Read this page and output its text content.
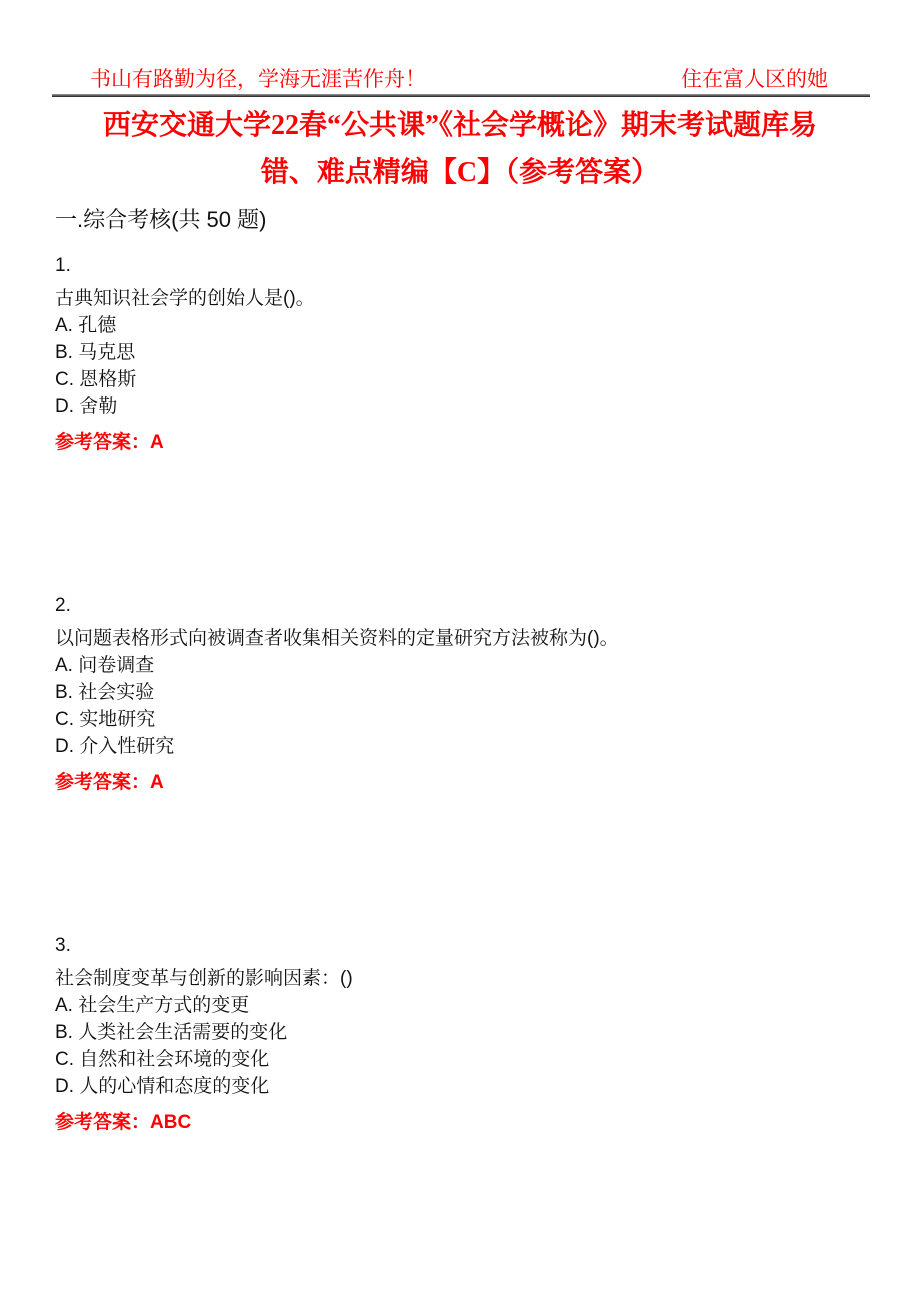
书山有路勤为径，学海无涯苦作舟！	住在富人区的她
西安交通大学22春“公共课”《社会学概论》期末考试题库易
错、难点精编【C】（参考答案）
一.综合考核(共 50 题)
1.
古典知识社会学的创始人是()。
A. 孔德
B. 马克思
C. 恩格斯
D. 舍勒
参考答案：A
2.
以问题表格形式向被调查者收集相关资料的定量研究方法被称为()。
A. 问卷调查
B. 社会实验
C. 实地研究
D. 介入性研究
参考答案：A
3.
社会制度变革与创新的影响因素：()
A. 社会生产方式的变更
B. 人类社会生活需要的变化
C. 自然和社会环境的变化
D. 人的心情和态度的变化
参考答案：ABC
